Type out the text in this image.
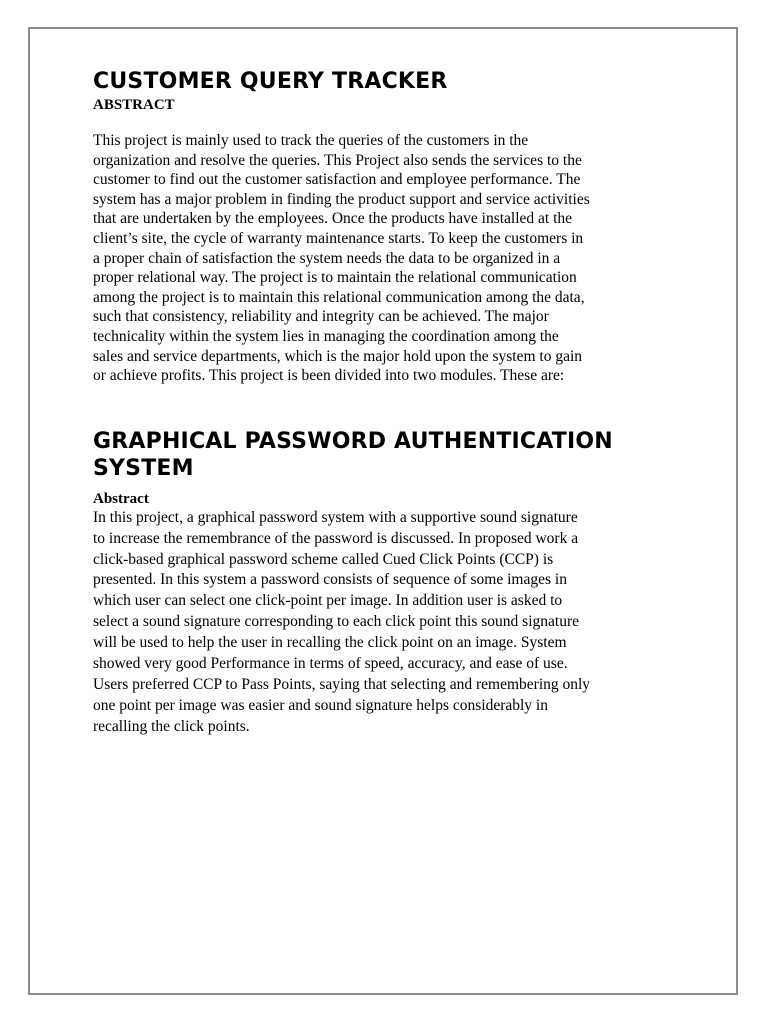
CUSTOMER QUERY TRACKER
ABSTRACT
This project is mainly used to track the queries of the customers in the
organization and resolve the queries. This Project also sends the services to the
customer to find out the customer satisfaction and employee performance. The
system has a major problem in finding the product support and service activities
that are undertaken by the employees. Once the products have installed at the
client’s site, the cycle of warranty maintenance starts. To keep the customers in
a proper chain of satisfaction the system needs the data to be organized in a
proper relational way. The project is to maintain the relational communication
among the project is to maintain this relational communication among the data,
such that consistency, reliability and integrity can be achieved. The major
technicality within the system lies in managing the coordination among the
sales and service departments, which is the major hold upon the system to gain
or achieve profits. This project is been divided into two modules. These are:
GRAPHICAL PASSWORD AUTHENTICATION
SYSTEM
Abstract
In this project, a graphical password system with a supportive sound signature
to increase the remembrance of the password is discussed. In proposed work a
click-based graphical password scheme called Cued Click Points (CCP) is
presented. In this system a password consists of sequence of some images in
which user can select one click-point per image. In addition user is asked to
select a sound signature corresponding to each click point this sound signature
will be used to help the user in recalling the click point on an image. System
showed very good Performance in terms of speed, accuracy, and ease of use.
Users preferred CCP to Pass Points, saying that selecting and remembering only
one point per image was easier and sound signature helps considerably in
recalling the click points.
